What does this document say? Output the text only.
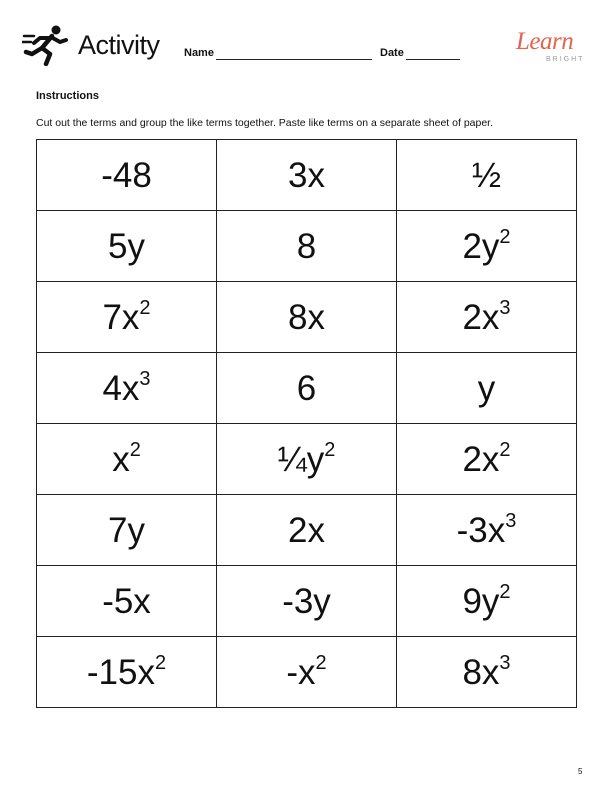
Activity Name	Date	Learn
BRIGHT
Instructions
Cut out the terms and group the like terms together. Paste like terms on a separate sheet of paper.
-48	3x	½
5y	8	$2y^2$
$7x^2$	8x	$2x^3$
$4x^3$	6	y
$x^2$	$\frac{1}{4}y^2$	$2x^2$
7y	2x	$-3x^3$
-5x	-3y	$9y^2$
$-15x^2$	$-x^2$	$8x^3$
5
